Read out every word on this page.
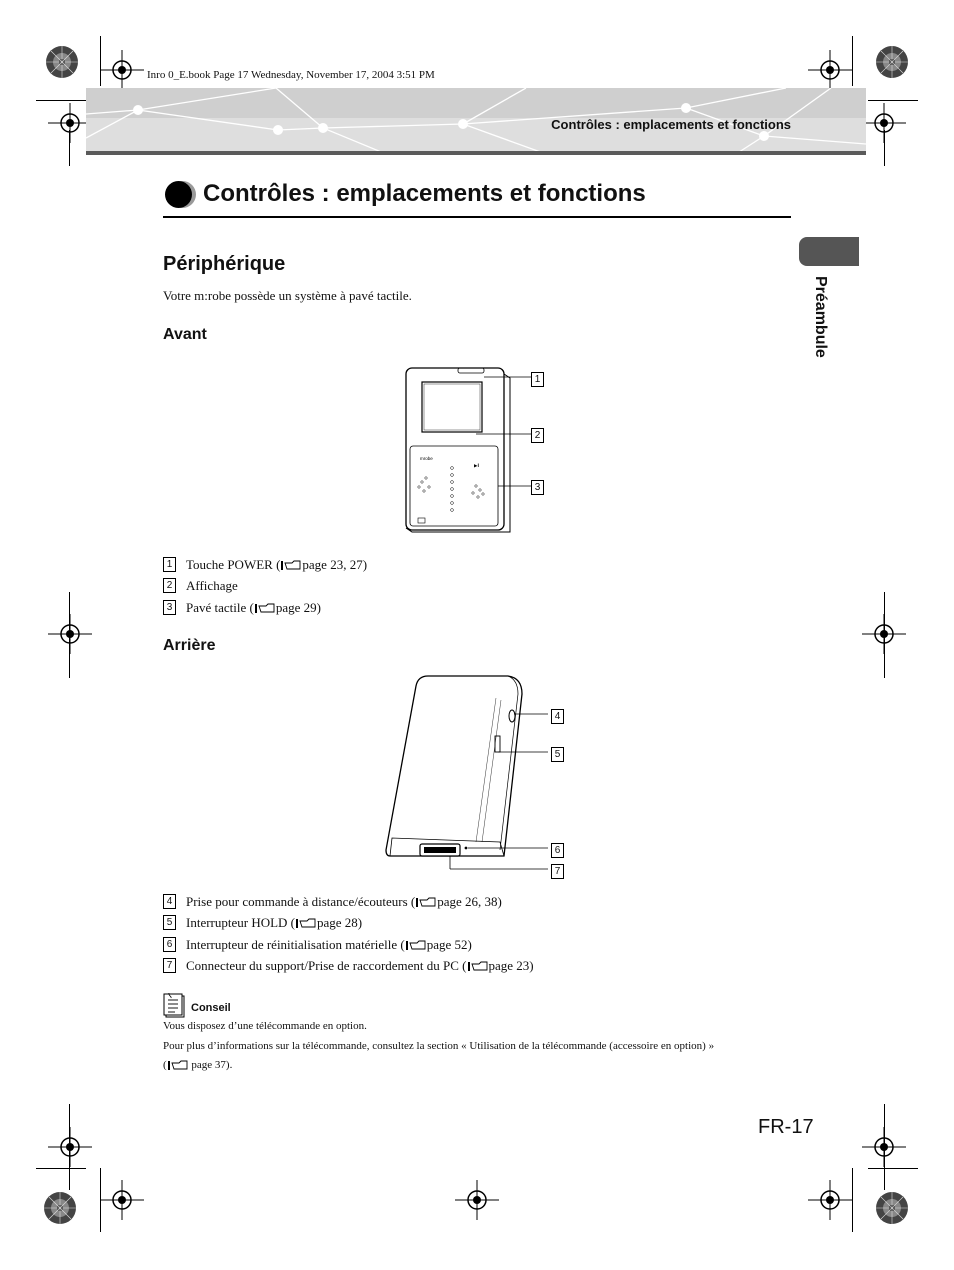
Inro 0_E.book Page 17 Wednesday, November 17, 2004 3:51 PM
Contrôles : emplacements et fonctions
Contrôles : emplacements et fonctions
Préambule
Périphérique
Votre m:robe possède un système à pavé tactile.
Avant
mrobe
▶‖
1
2
3
1 Touche POWER ( page 23, 27)
2 Affichage
3 Pavé tactile ( page 29)
Arrière
4
5
6
7
4 Prise pour commande à distance/écouteurs ( page 26, 38)
5 Interrupteur HOLD ( page 28)
6 Interrupteur de réinitialisation matérielle ( page 52)
7 Connecteur du support/Prise de raccordement du PC ( page 23)
Conseil
Vous disposez d’une télécommande en option.
Pour plus d’informations sur la télécommande, consultez la section « Utilisation de la télécommande (accessoire en option) »
( page 37).
FR-17
